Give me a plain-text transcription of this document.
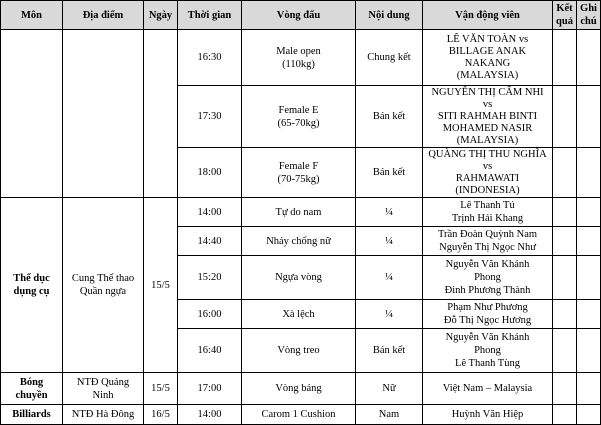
Môn	Địa điểm	Ngày	Thời gian	Vòng đấu	Nội dung	Vận động viên	Kết
quả	Ghi
chú

			16:30	Male open
(110kg)	Chung kết	LÊ VĂN TOÀN vs
BILLAGE ANAK
NAKANG
(MALAYSIA)		

			17:30	Female E
(65-70kg)	Bán kết	NGUYỄN THỊ CẨM NHI
vs
SITI RAHMAH BINTI
MOHAMED NASIR
(MALAYSIA)		

			18:00	Female F
(70-75kg)	Bán kết	QUÀNG THỊ THU NGHĨA
vs
RAHMAWATI
(INDONESIA)		

Thể dục
dụng cụ	Cung Thể thao
Quần ngựa	15/5	14:00	Tự do nam	¼	Lê Thanh Tú
Trịnh Hải Khang		

			14:40	Nhảy chống nữ	¼	Trần Đoàn Quỳnh Nam
Nguyễn Thị Ngọc Như		

			15:20	Ngựa vòng	¼	Nguyễn Văn Khánh
Phong
Đinh Phương Thành		

			16:00	Xà lệch	¼	Phạm Như Phương
Đỗ Thị Ngọc Hương		

			16:40	Vòng treo	Bán kết	Nguyễn Văn Khánh
Phong
Lê Thanh Tùng		

Bóng
chuyền	NTĐ Quảng
Ninh	15/5	17:00	Vòng bảng	Nữ	Việt Nam – Malaysia		
Billiards	NTĐ Hà Đông	16/5	14:00	Carom 1 Cushion	Nam	Huỳnh Văn Hiệp		
